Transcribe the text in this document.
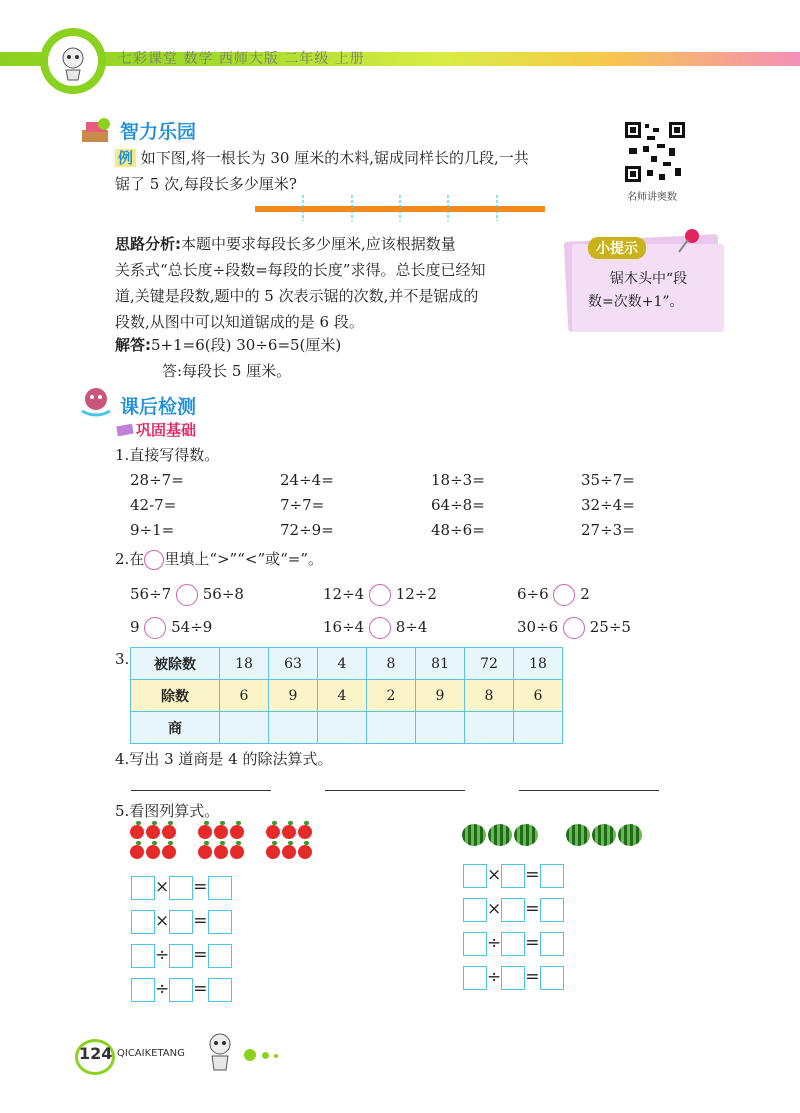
七彩课堂 数学 西师大版 二年级 上册
智力乐园
例 如下图,将一根长为 30 厘米的木料,锯成同样长的几段,一共
锯了 5 次,每段长多少厘米?
名师讲奥数
思路分析:本题中要求每段长多少厘米,应该根据数量
关系式“总长度÷段数=每段的长度”求得。总长度已经知
道,关键是段数,题中的 5 次表示锯的次数,并不是锯成的
段数,从图中可以知道锯成的是 6 段。
解答:5+1=6(段) 30÷6=5(厘米)
答:每段长 5 厘米。
小提示
锯木头中“段
数=次数+1”。
课后检测
巩固基础
1.直接写得数。
28÷7=	24÷4=	18÷3=	35÷7=
42-7=	7÷7=	64÷8=	32÷4=
9÷1=	72÷9=	48÷6=	27÷3=
2.在 里填上“>”“<”或“=”。
56÷7 56÷8	12÷4 12÷2	6÷6 2
9 54÷9	16÷4 8÷4	30÷6 25÷5
3. 被除数	18	63	4	8	81	72	18
除数	6	9	4	2	9	8	6
商							
4.写出 3 道商是 4 的除法算式。
5.看图列算式。

× =
× =
÷ =
÷ =
× =
× =
÷ =
÷ =
124 QICAIKETANG
